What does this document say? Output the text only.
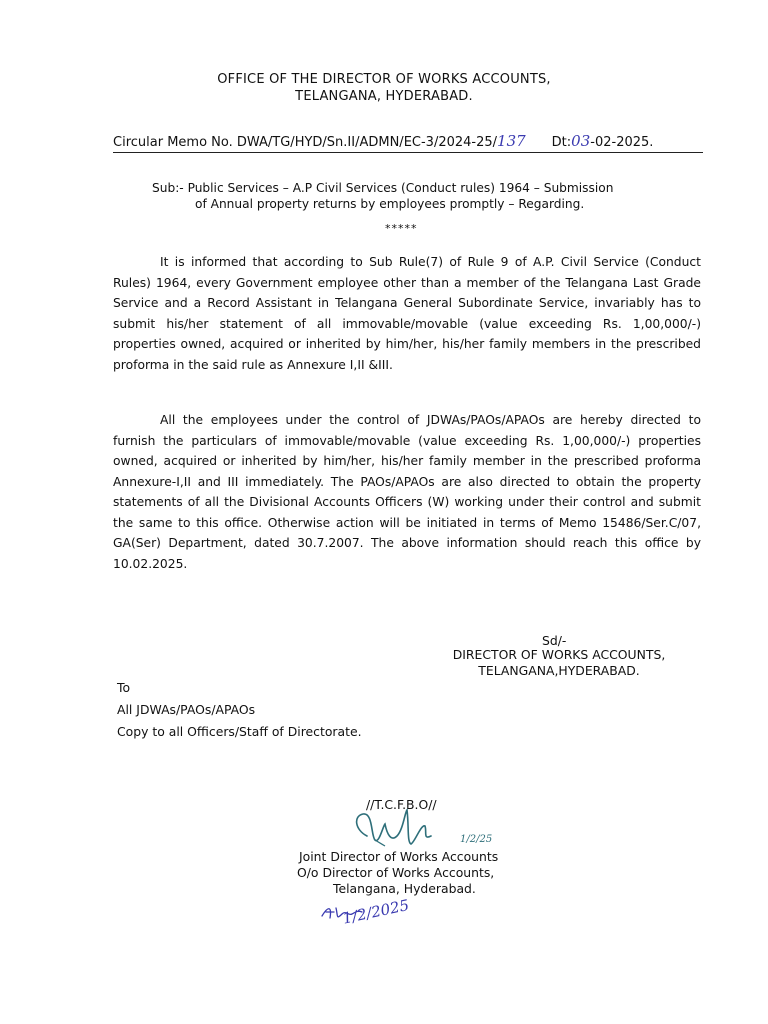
OFFICE OF THE DIRECTOR OF WORKS ACCOUNTS,
TELANGANA, HYDERABAD.
Circular Memo No. DWA/TG/HYD/Sn.II/ADMN/EC-3/2024-25/137 Dt:03-02-2025.
Sub:- Public Services – A.P Civil Services (Conduct rules) 1964 – Submission
of Annual property returns by employees promptly – Regarding.
*****
It is informed that according to Sub Rule(7) of Rule 9 of A.P. Civil Service (Conduct Rules) 1964, every Government employee other than a member of the Telangana Last Grade Service and a Record Assistant in Telangana General Subordinate Service, invariably has to submit his/her statement of all immovable/movable (value exceeding Rs. 1,00,000/-) properties owned, acquired or inherited by him/her, his/her family members in the prescribed proforma in the said rule as Annexure I,II &III.
All the employees under the control of JDWAs/PAOs/APAOs are hereby directed to furnish the particulars of immovable/movable (value exceeding Rs. 1,00,000/-) properties owned, acquired or inherited by him/her, his/her family member in the prescribed proforma Annexure-I,II and III immediately. The PAOs/APAOs are also directed to obtain the property statements of all the Divisional Accounts Officers (W) working under their control and submit the same to this office. Otherwise action will be initiated in terms of Memo 15486/Ser.C/07, GA(Ser) Department, dated 30.7.2007. The above information should reach this office by 10.02.2025.
Sd/-
DIRECTOR OF WORKS ACCOUNTS,
TELANGANA,HYDERABAD.
To
All JDWAs/PAOs/APAOs
Copy to all Officers/Staff of Directorate.
//T.C.F.B.O//
1/2/25
Joint Director of Works Accounts
O/o Director of Works Accounts,
Telangana, Hyderabad.
1/2/2025
